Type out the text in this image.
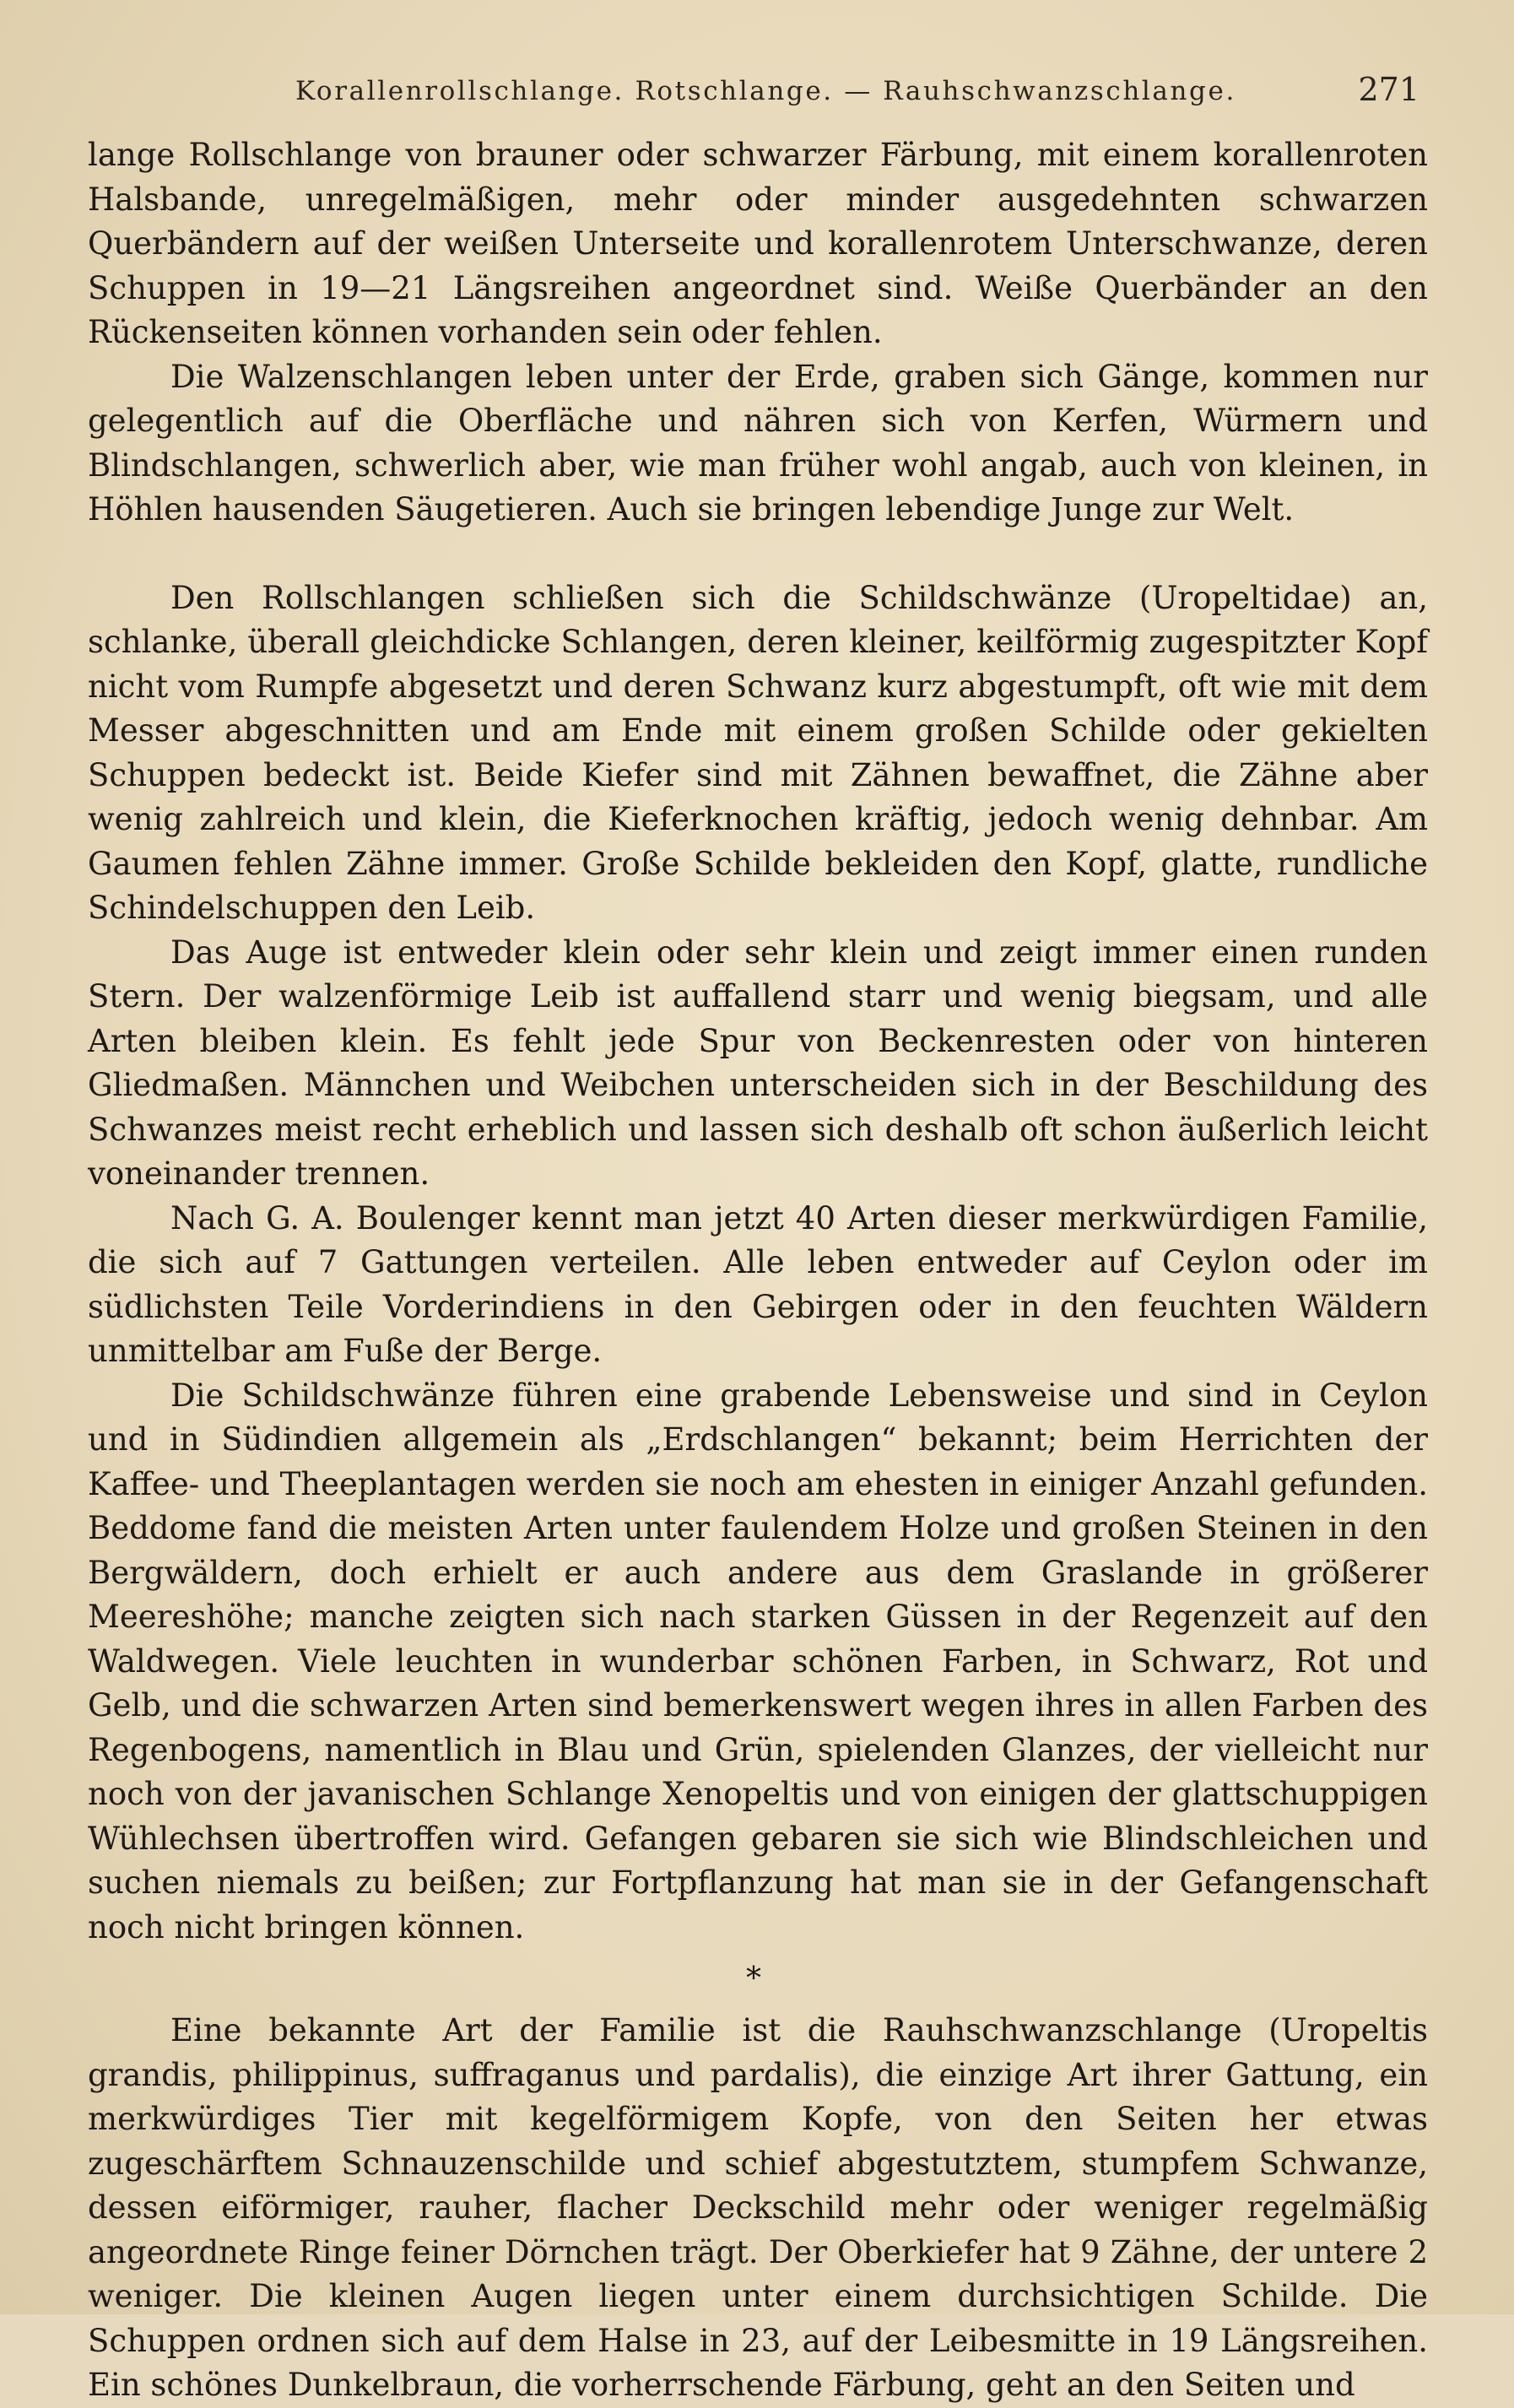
Korallenrollschlange. Rotschlange. — Rauhschwanzschlange.	271

lange Rollschlange von brauner oder schwarzer Färbung, mit einem korallenroten Halsbande, unregelmäßigen, mehr oder minder ausgedehnten schwarzen Querbändern auf der weißen Unterseite und korallenrotem Unterschwanze, deren Schuppen in 19—21 Längsreihen angeordnet sind. Weiße Querbänder an den Rückenseiten können vorhanden sein oder fehlen.

Die Walzenschlangen leben unter der Erde, graben sich Gänge, kommen nur gelegentlich auf die Oberfläche und nähren sich von Kerfen, Würmern und Blindschlangen, schwerlich aber, wie man früher wohl angab, auch von kleinen, in Höhlen hausenden Säugetieren. Auch sie bringen lebendige Junge zur Welt.

Den Rollschlangen schließen sich die Schildschwänze (Uropeltidae) an, schlanke, überall gleichdicke Schlangen, deren kleiner, keilförmig zugespitzter Kopf nicht vom Rumpfe abgesetzt und deren Schwanz kurz abgestumpft, oft wie mit dem Messer abgeschnitten und am Ende mit einem großen Schilde oder gekielten Schuppen bedeckt ist. Beide Kiefer sind mit Zähnen bewaffnet, die Zähne aber wenig zahlreich und klein, die Kieferknochen kräftig, jedoch wenig dehnbar. Am Gaumen fehlen Zähne immer. Große Schilde bekleiden den Kopf, glatte, rundliche Schindelschuppen den Leib.

Das Auge ist entweder klein oder sehr klein und zeigt immer einen runden Stern. Der walzenförmige Leib ist auffallend starr und wenig biegsam, und alle Arten bleiben klein. Es fehlt jede Spur von Beckenresten oder von hinteren Gliedmaßen. Männchen und Weibchen unterscheiden sich in der Beschildung des Schwanzes meist recht erheblich und lassen sich deshalb oft schon äußerlich leicht voneinander trennen.

Nach G. A. Boulenger kennt man jetzt 40 Arten dieser merkwürdigen Familie, die sich auf 7 Gattungen verteilen. Alle leben entweder auf Ceylon oder im südlichsten Teile Vorderindiens in den Gebirgen oder in den feuchten Wäldern unmittelbar am Fuße der Berge.

Die Schildschwänze führen eine grabende Lebensweise und sind in Ceylon und in Südindien allgemein als „Erdschlangen“ bekannt; beim Herrichten der Kaffee- und Theeplantagen werden sie noch am ehesten in einiger Anzahl gefunden. Beddome fand die meisten Arten unter faulendem Holze und großen Steinen in den Bergwäldern, doch erhielt er auch andere aus dem Graslande in größerer Meereshöhe; manche zeigten sich nach starken Güssen in der Regenzeit auf den Waldwegen. Viele leuchten in wunderbar schönen Farben, in Schwarz, Rot und Gelb, und die schwarzen Arten sind bemerkenswert wegen ihres in allen Farben des Regenbogens, namentlich in Blau und Grün, spielenden Glanzes, der vielleicht nur noch von der javanischen Schlange Xenopeltis und von einigen der glattschuppigen Wühlechsen übertroffen wird. Gefangen gebaren sie sich wie Blindschleichen und suchen niemals zu beißen; zur Fortpflanzung hat man sie in der Gefangenschaft noch nicht bringen können.

*

Eine bekannte Art der Familie ist die Rauhschwanzschlange (Uropeltis grandis, philippinus, suffraganus und pardalis), die einzige Art ihrer Gattung, ein merkwürdiges Tier mit kegelförmigem Kopfe, von den Seiten her etwas zugeschärftem Schnauzenschilde und schief abgestutztem, stumpfem Schwanze, dessen eiförmiger, rauher, flacher Deckschild mehr oder weniger regelmäßig angeordnete Ringe feiner Dörnchen trägt. Der Oberkiefer hat 9 Zähne, der untere 2 weniger. Die kleinen Augen liegen unter einem durchsichtigen Schilde. Die Schuppen ordnen sich auf dem Halse in 23, auf der Leibesmitte in 19 Längsreihen. Ein schönes Dunkelbraun, die vorherrschende Färbung, geht an den Seiten und
